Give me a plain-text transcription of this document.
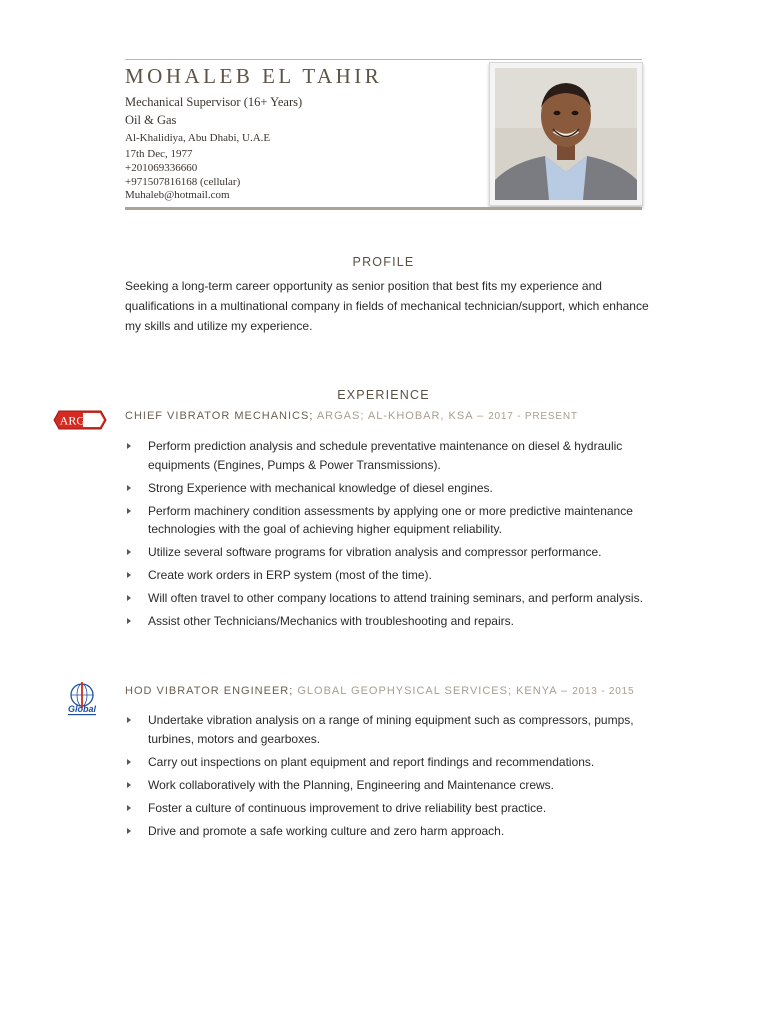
MOHALEB EL TAHIR
Mechanical Supervisor (16+ Years)
Oil & Gas
Al-Khalidiya, Abu Dhabi, U.A.E
17th Dec, 1977
+201069336660
+971507816168 (cellular)
Muhaleb@hotmail.com
PROFILE

Seeking a long-term career opportunity as senior position that best fits my experience and qualifications in a multinational company in fields of mechanical technician/support, which enhance my skills and utilize my experience.

EXPERIENCE
ARGAS CHIEF VIBRATOR MECHANICS; ARGAS; AL-KHOBAR, KSA – 2017 - PRESENT
Perform prediction analysis and schedule preventative maintenance on diesel & hydraulic equipments (Engines, Pumps & Power Transmissions).
Strong Experience with mechanical knowledge of diesel engines.
Perform machinery condition assessments by applying one or more predictive maintenance technologies with the goal of achieving higher equipment reliability.
Utilize several software programs for vibration analysis and compressor performance.
Create work orders in ERP system (most of the time).
Will often travel to other company locations to attend training seminars, and perform analysis.
Assist other Technicians/Mechanics with troubleshooting and repairs.
Global
HOD VIBRATOR ENGINEER; GLOBAL GEOPHYSICAL SERVICES; KENYA – 2013 - 2015
Undertake vibration analysis on a range of mining equipment such as compressors, pumps, turbines, motors and gearboxes.
Carry out inspections on plant equipment and report findings and recommendations.
Work collaboratively with the Planning, Engineering and Maintenance crews.
Foster a culture of continuous improvement to drive reliability best practice.
Drive and promote a safe working culture and zero harm approach.
